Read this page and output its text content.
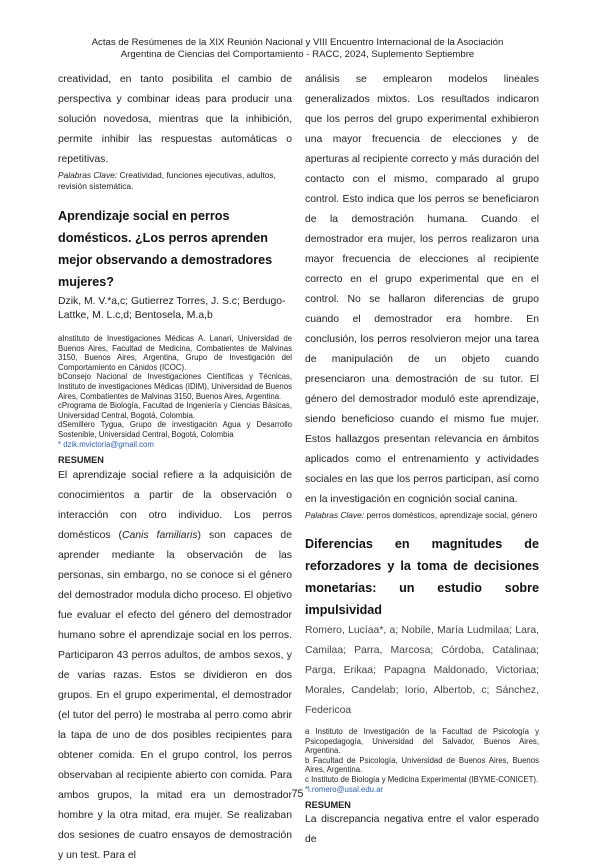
Actas de Resúmenes de la XIX Reunión Nacional y VIII Encuentro Internacional de la Asociación
Argentina de Ciencias del Comportamiento - RACC, 2024, Suplemento Septiembre

creatividad, en tanto posibilita el cambio de perspectiva y combinar ideas para producir una solución novedosa, mientras que la inhibición, permite inhibir las respuestas automáticas o repetitivas.

Palabras Clave: Creatividad, funciones ejecutivas, adultos, revisión sistemática.

Aprendizaje social en perros domésticos. ¿Los perros aprenden mejor observando a demostradores mujeres?

Dzik, M. V.*a,c; Gutierrez Torres, J. S.c; Berdugo-Lattke, M. L.c,d; Bentosela, M.a,b

aInstituto de Investigaciones Médicas A. Lanari, Universidad de Buenos Aires, Facultad de Medicina, Combatientes de Malvinas 3150, Buenos Aires, Argentina, Grupo de Investigación del Comportamiento en Cánidos (ICOC).

bConsejo Nacional de Investigaciones Científicas y Técnicas, Instituto de investigaciones Médicas (IDIM), Universidad de Buenos Aires, Combatientes de Malvinas 3150, Buenos Aires, Argentina.

cPrograma de Biología, Facultad de Ingeniería y Ciencias Básicas, Universidad Central, Bogotá, Colombia.

dSemillero Tygua, Grupo de investigación Agua y Desarrollo Sostenible, Universidad Central, Bogotá, Colombia

* dzik.mvictoria@gmail.com

RESUMEN

El aprendizaje social refiere a la adquisición de conocimientos a partir de la observación o interacción con otro individuo. Los perros domésticos (Canis familiaris) son capaces de aprender mediante la observación de las personas, sin embargo, no se conoce si el género del demostrador modula dicho proceso. El objetivo fue evaluar el efecto del género del demostrador humano sobre el aprendizaje social en los perros. Participaron 43 perros adultos, de ambos sexos, y de varias razas. Estos se dividieron en dos grupos. En el grupo experimental, el demostrador (el tutor del perro) le mostraba al perro como abrir la tapa de uno de dos posibles recipientes para obtener comida. En el grupo control, los perros observaban al recipiente abierto con comida. Para ambos grupos, la mitad era un demostrador hombre y la otra mitad, era mujer. Se realizaban dos sesiones de cuatro ensayos de demostración y un test. Para el

análisis se emplearon modelos lineales generalizados mixtos. Los resultados indicaron que los perros del grupo experimental exhibieron una mayor frecuencia de elecciones y de aperturas al recipiente correcto y más duración del contacto con el mismo, comparado al grupo control. Esto indica que los perros se beneficiaron de la demostración humana. Cuando el demostrador era mujer, los perros realizaron una mayor frecuencia de elecciones al recipiente correcto en el grupo experimental que en el control. No se hallaron diferencias de grupo cuando el demostrador era hombre. En conclusión, los perros resolvieron mejor una tarea de manipulación de un objeto cuando presenciaron una demostración de su tutor. El género del demostrador moduló este aprendizaje, siendo beneficioso cuando el mismo fue mujer. Estos hallazgos presentan relevancia en ámbitos aplicados como el entrenamiento y actividades sociales en las que los perros participan, así como en la investigación en cognición social canina.

Palabras Clave: perros domésticos, aprendizaje social, género

Diferencias en magnitudes de reforzadores y la toma de decisiones monetarias: un estudio sobre impulsividad

Romero, Lucíaa*, a; Nobile, María Ludmilaa; Lara, Camilaa; Parra, Marcosa; Córdoba, Catalinaa; Parga, Erikaa; Papagna Maldonado, Victoriaa; Morales, Candelab; Iorio, Albertob, c; Sánchez, Federicoa

a Instituto de Investigación de la Facultad de Psicología y Psicopedagogía, Universidad del Salvador, Buenos Aires, Argentina.

b Facultad de Psicología, Universidad de Buenos Aires, Buenos Aires, Argentina.

c Instituto de Biología y Medicina Experimental (IBYME-CONICET).

*l.romero@usal.edu.ar

RESUMEN

La discrepancia negativa entre el valor esperado de

75
